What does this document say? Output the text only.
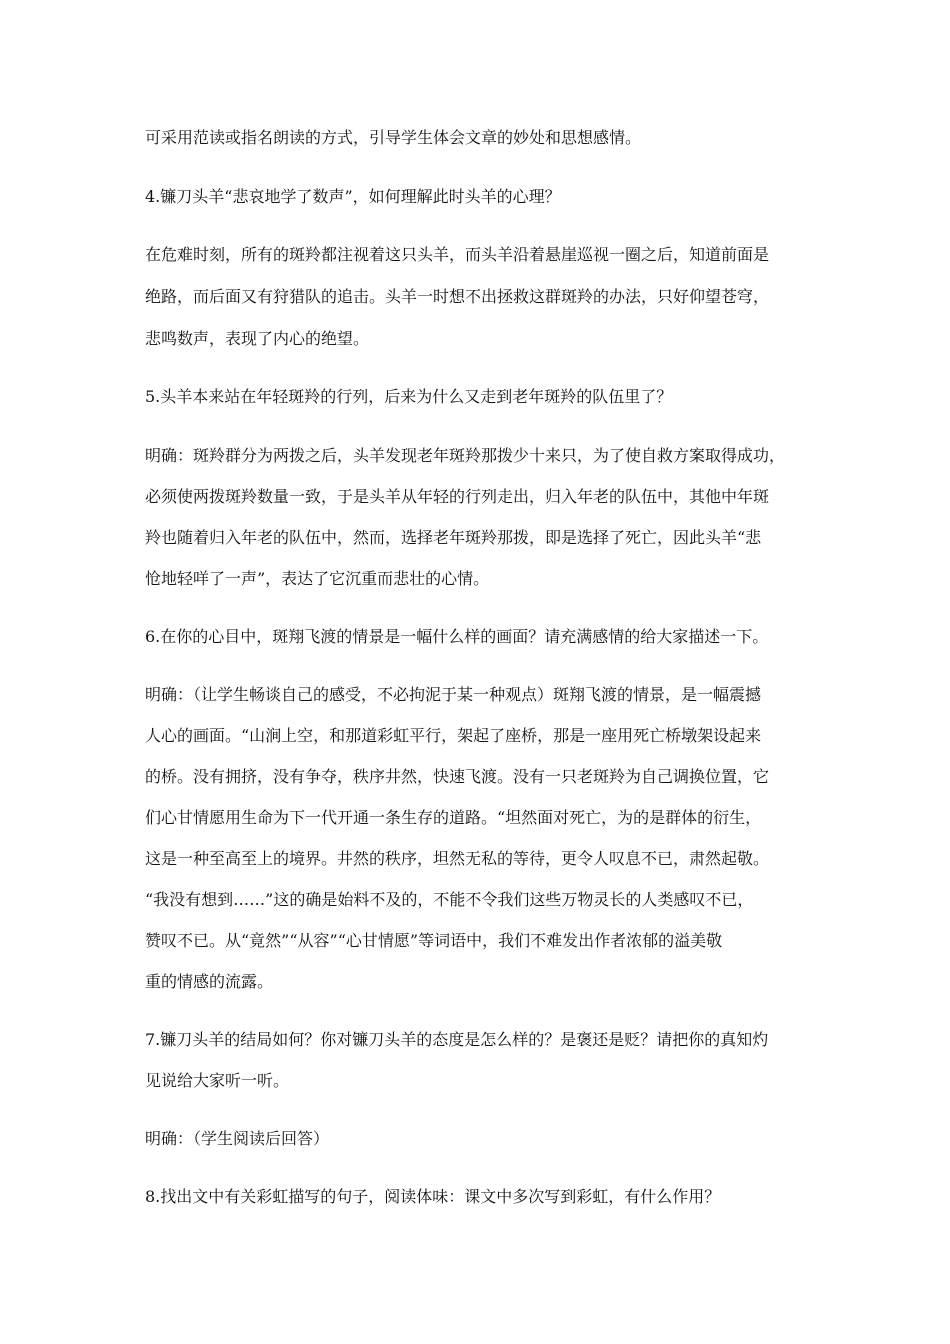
可采用范读或指名朗读的方式，引导学生体会文章的妙处和思想感情。
4.镰刀头羊“悲哀地学了数声”，如何理解此时头羊的心理？
在危难时刻，所有的斑羚都注视着这只头羊，而头羊沿着悬崖巡视一圈之后，知道前面是
绝路，而后面又有狩猎队的追击。头羊一时想不出拯救这群斑羚的办法，只好仰望苍穹，
悲鸣数声，表现了内心的绝望。
5.头羊本来站在年轻斑羚的行列，后来为什么又走到老年斑羚的队伍里了？
明确：斑羚群分为两拨之后，头羊发现老年斑羚那拨少十来只，为了使自救方案取得成功，
必须使两拨斑羚数量一致，于是头羊从年轻的行列走出，归入年老的队伍中，其他中年斑
羚也随着归入年老的队伍中，然而，选择老年斑羚那拨，即是选择了死亡，因此头羊“悲
怆地轻咩了一声”，表达了它沉重而悲壮的心情。
6.在你的心目中，斑翔飞渡的情景是一幅什么样的画面？请充满感情的给大家描述一下。
明确：（让学生畅谈自己的感受，不必拘泥于某一种观点）斑翔飞渡的情景，是一幅震撼
人心的画面。“山涧上空，和那道彩虹平行，架起了座桥，那是一座用死亡桥墩架设起来
的桥。没有拥挤，没有争夺，秩序井然，快速飞渡。没有一只老斑羚为自己调换位置，它
们心甘情愿用生命为下一代开通一条生存的道路。“坦然面对死亡，为的是群体的衍生，
这是一种至高至上的境界。井然的秩序，坦然无私的等待，更令人叹息不已，肃然起敬。
“我没有想到……”这的确是始料不及的，不能不令我们这些万物灵长的人类感叹不已，
赞叹不已。从“竟然”“从容”“心甘情愿”等词语中，我们不难发出作者浓郁的溢美敬
重的情感的流露。
7.镰刀头羊的结局如何？你对镰刀头羊的态度是怎么样的？是褒还是贬？请把你的真知灼
见说给大家听一听。
明确：（学生阅读后回答）
8.找出文中有关彩虹描写的句子，阅读体味：课文中多次写到彩虹，有什么作用？
